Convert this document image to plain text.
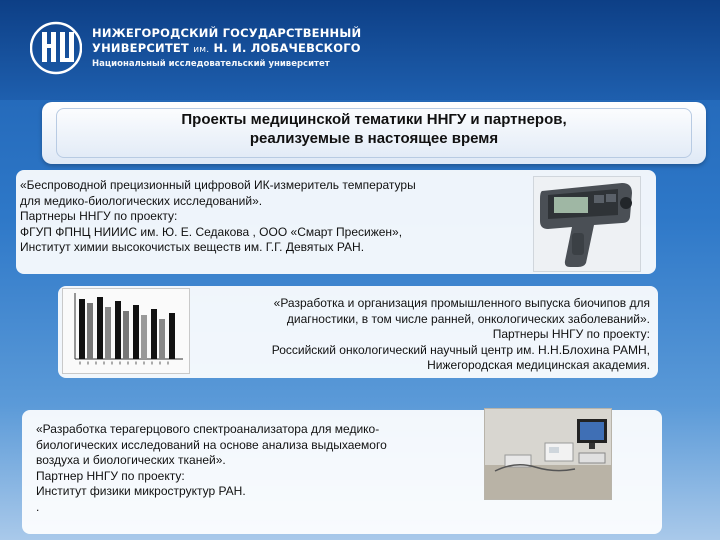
НИЖЕГОРОДСКИЙ ГОСУДАРСТВЕННЫЙ
УНИВЕРСИТЕТ им. Н. И. ЛОБАЧЕВСКОГО
Национальный исследовательский университет
Проекты медицинской тематики ННГУ и партнеров,
реализуемые в настоящее время
«Беспроводной прецизионный цифровой ИК-измеритель температуры
для медико-биологических исследований».
Партнеры ННГУ по проекту:
ФГУП ФПНЦ НИИИС им. Ю. Е. Седакова , ООО «Смарт Пресижен»,
Институт химии высокочистых веществ им. Г.Г. Девятых РАН.
«Разработка и организация промышленного выпуска биочипов для
диагностики, в том числе ранней, онкологических заболеваний».
Партнеры ННГУ по проекту:
Российский онкологический научный центр им. Н.Н.Блохина РАМН,
Нижегородская медицинская академия.
«Разработка терагерцового спектроанализатора для медико-
биологических исследований на основе анализа выдыхаемого
воздуха и биологических тканей».
Партнер ННГУ по проекту:
Институт физики микроструктур РАН.
.
